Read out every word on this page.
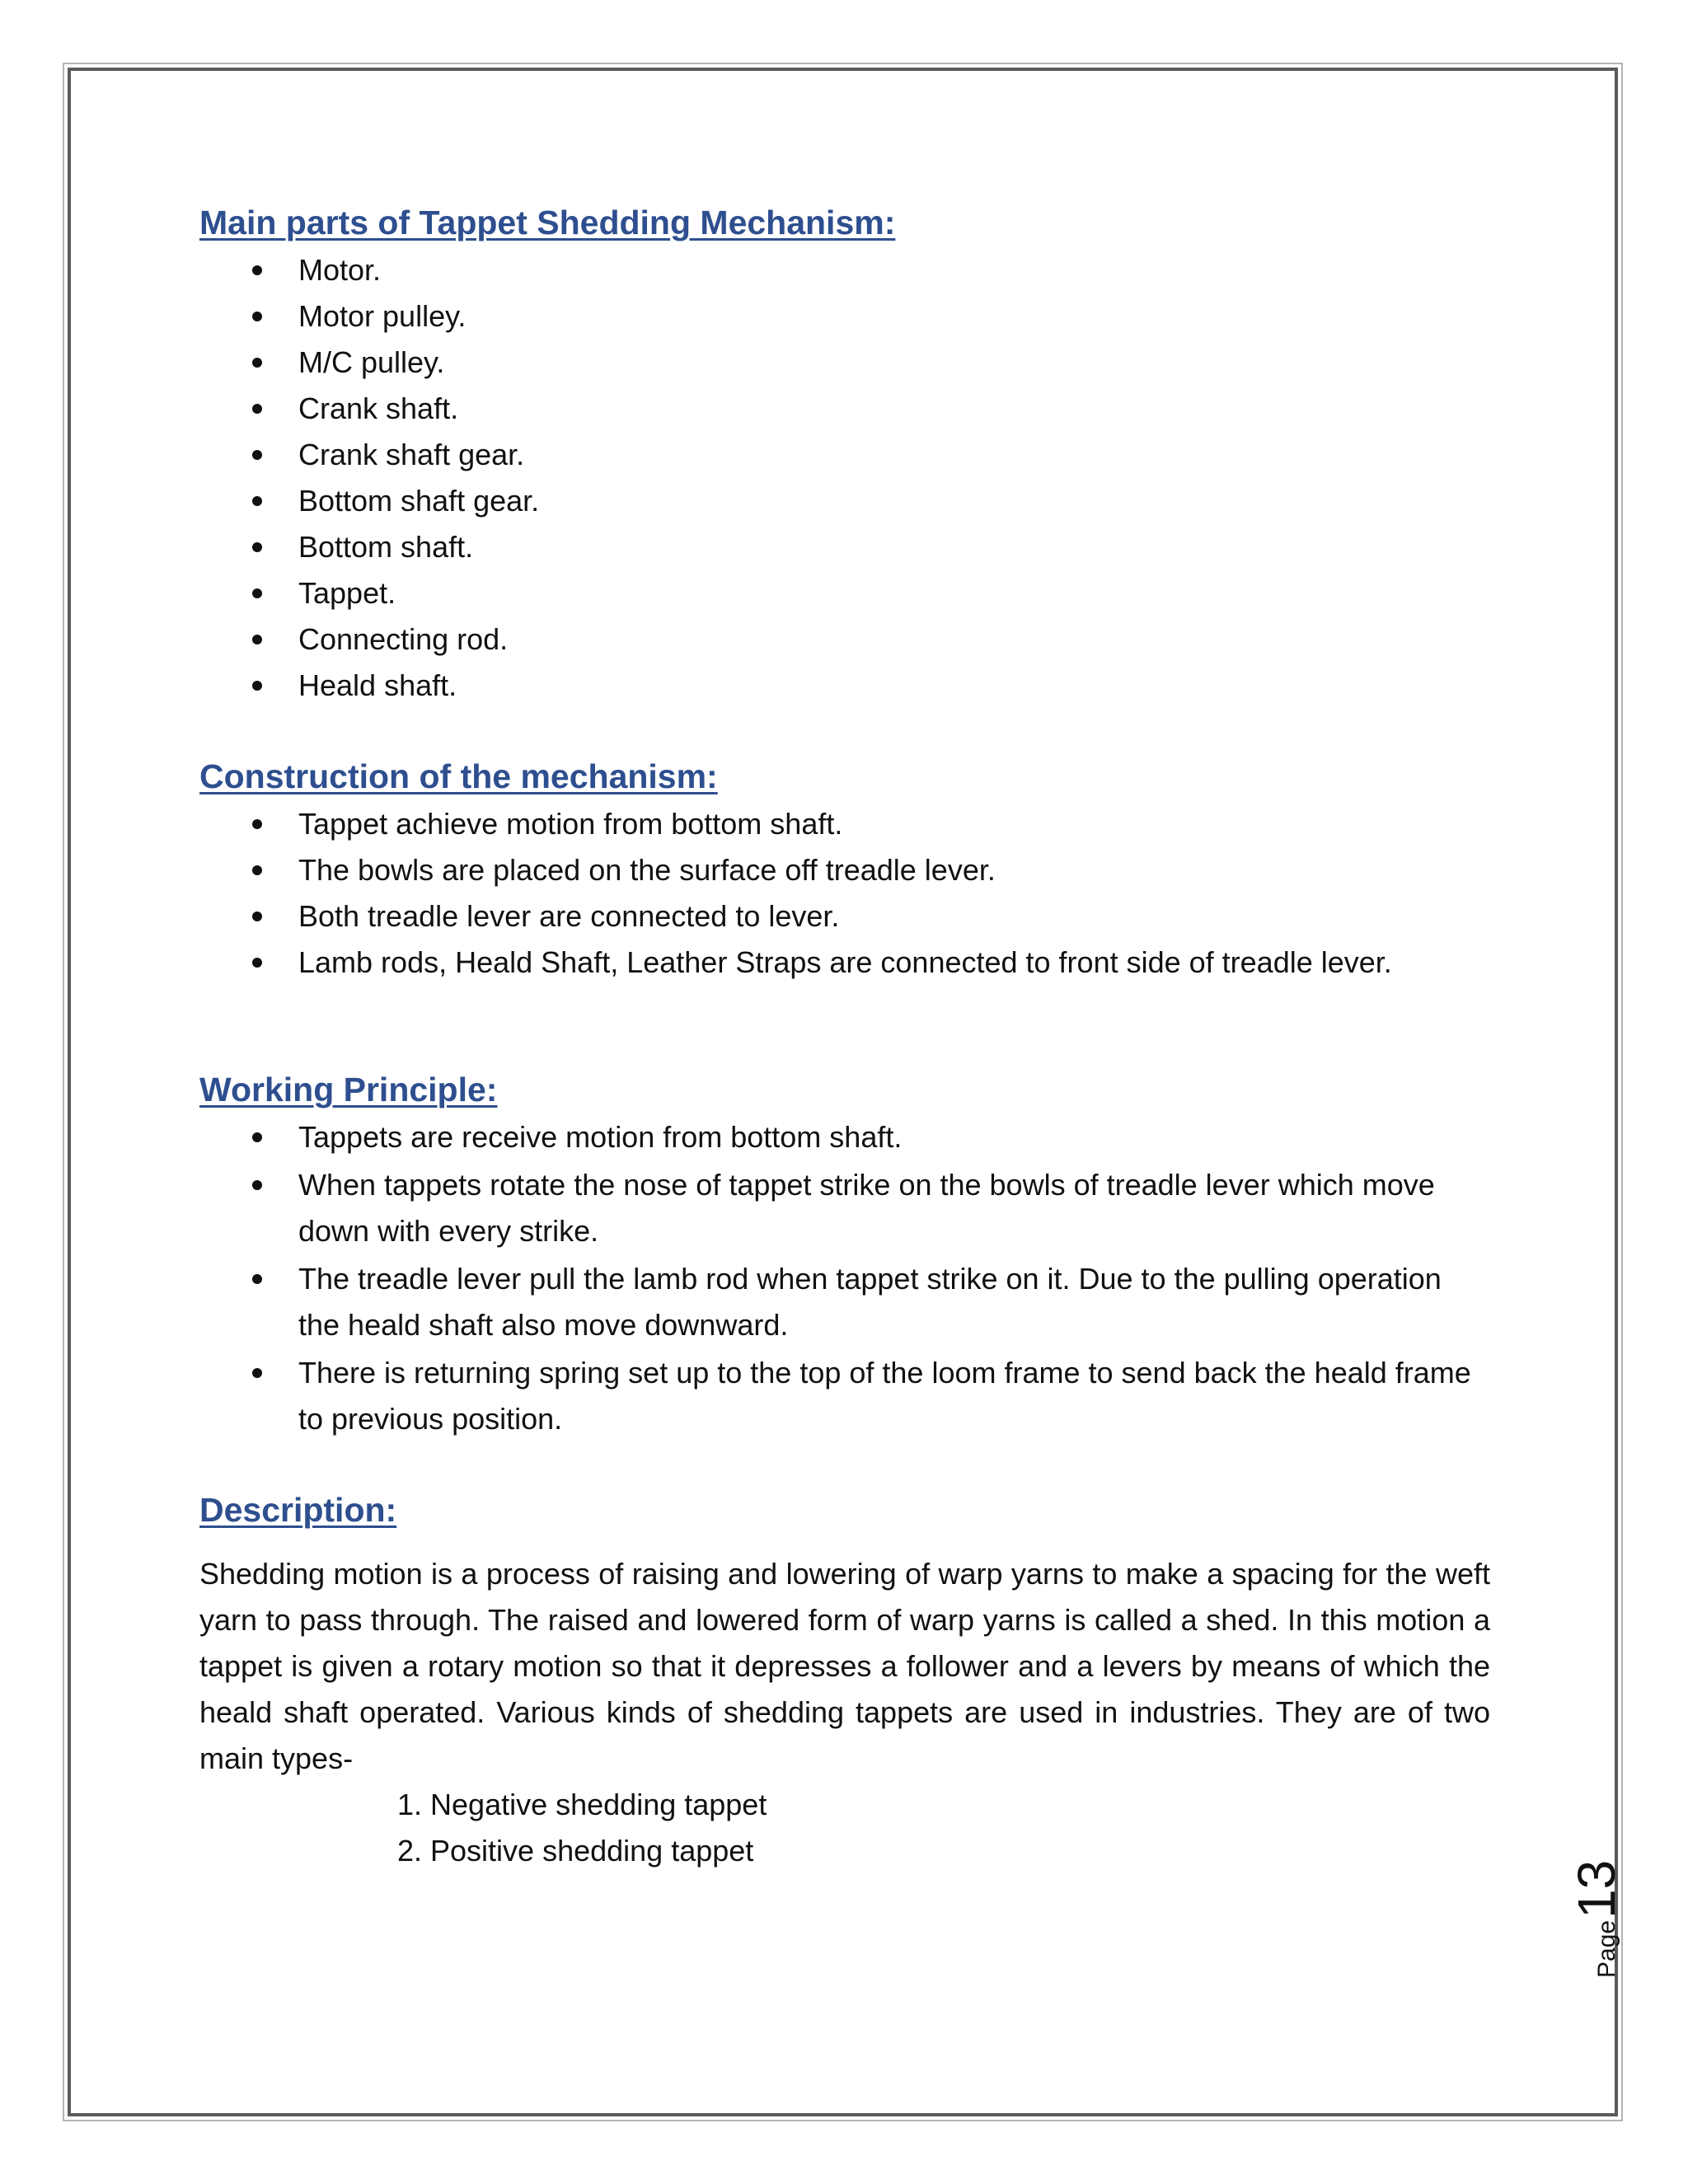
Main parts of Tappet Shedding Mechanism:
Motor.
Motor pulley.
M/C pulley.
Crank shaft.
Crank shaft gear.
Bottom shaft gear.
Bottom shaft.
Tappet.
Connecting rod.
Heald shaft.
Construction of the mechanism:
Tappet achieve motion from bottom shaft.
The bowls are placed on the surface off treadle lever.
Both treadle lever are connected to lever.
Lamb rods, Heald Shaft, Leather Straps are connected to front side of treadle lever.
Working Principle:
Tappets are receive motion from bottom shaft.
When tappets rotate the nose of tappet strike on the bowls of treadle lever which move down with every strike.
The treadle lever pull the lamb rod when tappet strike on it. Due to the pulling operation the heald shaft also move downward.
There is returning spring set up to the top of the loom frame to send back the heald frame to previous position.
Description:

Shedding motion is a process of raising and lowering of warp yarns to make a spacing for the weft yarn to pass through. The raised and lowered form of warp yarns is called a shed. In this motion a tappet is given a rotary motion so that it depresses a follower and a levers by means of which the heald shaft operated. Various kinds of shedding tappets are used in industries. They are of two main types-

1. Negative shedding tappet
2. Positive shedding tappet
Page13
